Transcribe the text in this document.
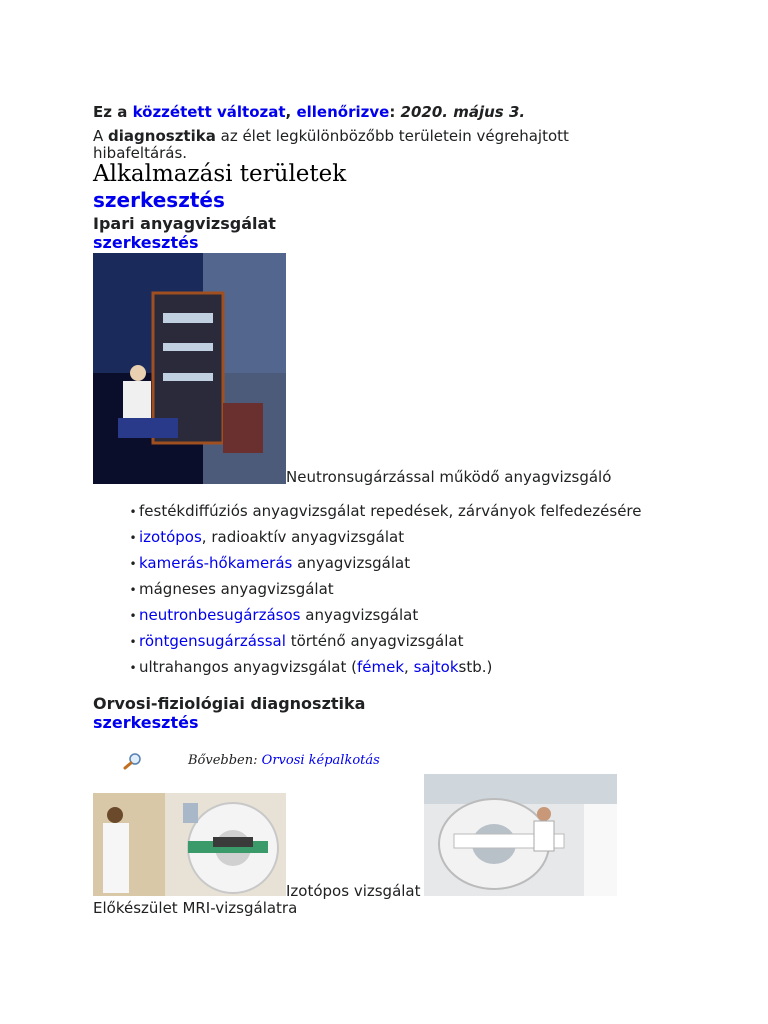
Ez a közzétett változat, ellenőrizve: 2020. május 3.
A diagnosztika az élet legkülönbözőbb területein végrehajtott hibafeltárás.
Alkalmazási területek
szerkesztés
Ipari anyagvizsgálat
szerkesztés
Neutronsugárzással működő anyagvizsgáló
• festékdiffúziós anyagvizsgálat repedések, zárványok felfedezésére
• izotópos, radioaktív anyagvizsgálat
• kamerás-hőkamerás anyagvizsgálat
• mágneses anyagvizsgálat
• neutronbesugárzásos anyagvizsgálat
• röntgensugárzással történő anyagvizsgálat
• ultrahangos anyagvizsgálat (fémek, sajtokstb.)
Orvosi-fiziológiai diagnosztika
szerkesztés
Bővebben: Orvosi képalkotás
Izotópos vizsgálat
Előkészület MRI-vizsgálatra
